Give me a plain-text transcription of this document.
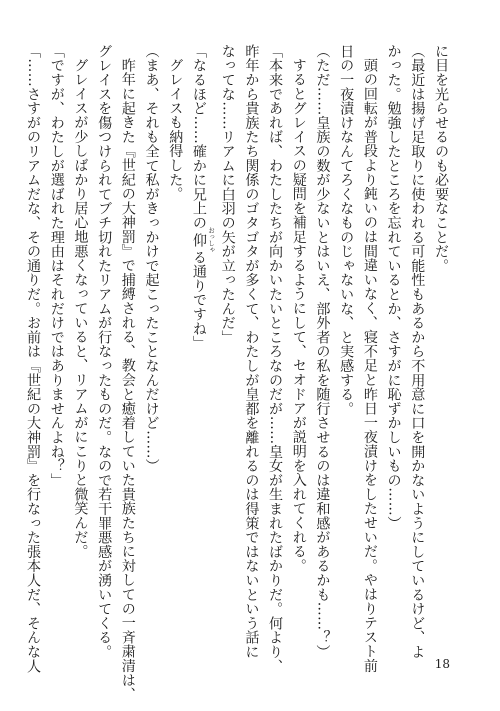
に目を光らせるのも必要なことだ。

（最近は揚げ足取りに使われる可能性もあるから不用意に口を開かないようにしているけど、よ

かった。勉強したところを忘れているとか、さすがに恥ずかしいもの……）

頭の回転が普段より鈍いのは間違いなく、寝不足と昨日一夜漬けをしたせいだ。やはりテスト前

日の一夜漬けなんてろくなものじゃないな、と実感する。

（ただ……皇族の数が少ないとはいえ、部外者の私を随行させるのは違和感があるかも……？）

するとグレイスの疑問を補足するようにして、セオドアが説明を入れてくれる。

「本来であれば、わたしたちが向かいたいところなのだが……皇女が生まれたばかりだ。何より、

昨年から貴族たち関係のゴタゴタが多くて、わたしが皇都を離れるのは得策ではないという話に

なってな……リアムに白羽の矢が立ったんだ」

「なるほど……確かに兄上の仰 おっしゃる通りですね」

グレイスも納得した。

（まあ、それも全て私がきっかけで起こったことなんだけど……）

昨年に起きた『世紀の大神罰』で捕縛される、教会と癒着していた貴族たちに対しての一斉粛清は、

グレイスを傷つけられてブチ切れたリアムが行なったものだ。なので若干罪悪感が湧いてくる。

グレイスが少しばかり居心地悪くなっていると、リアムがにこりと微笑んだ。

「ですが、わたしが選ばれた理由はそれだけではありませんよね？」

「……さすがのリアムだな、その通りだ。お前は『世紀の大神罰』を行なった張本人だ、そんな人	18
